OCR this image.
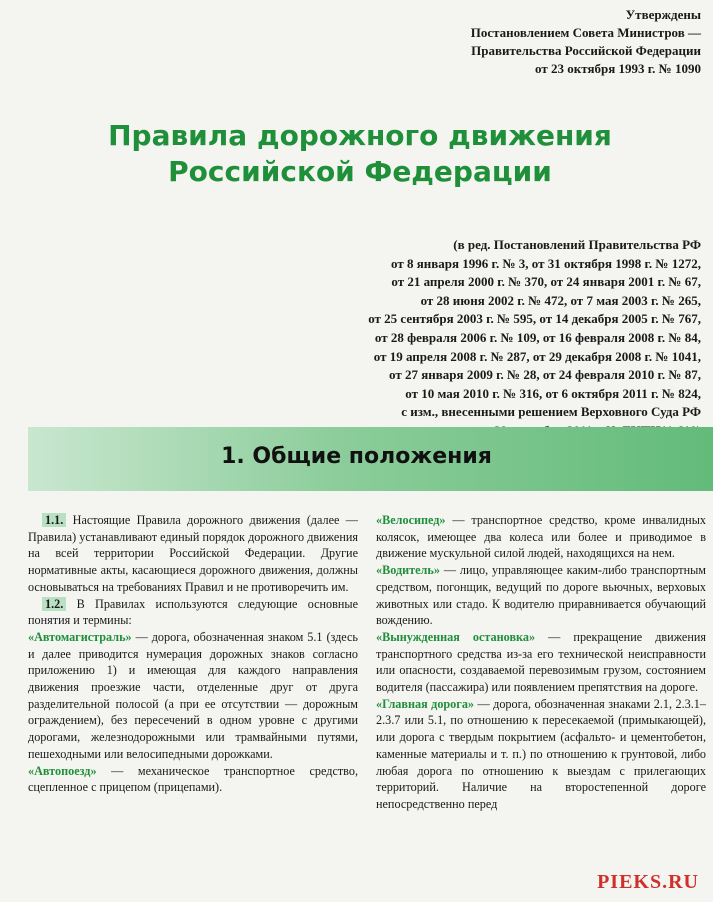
Утверждены
Постановлением Совета Министров —
Правительства Российской Федерации
от 23 октября 1993 г. № 1090
Правила дорожного движения
Российской Федерации
(в ред. Постановлений Правительства РФ
от 8 января 1996 г. № 3, от 31 октября 1998 г. № 1272,
от 21 апреля 2000 г. № 370, от 24 января 2001 г. № 67,
от 28 июня 2002 г. № 472, от 7 мая 2003 г. № 265,
от 25 сентября 2003 г. № 595, от 14 декабря 2005 г. № 767,
от 28 февраля 2006 г. № 109, от 16 февраля 2008 г. № 84,
от 19 апреля 2008 г. № 287, от 29 декабря 2008 г. № 1041,
от 27 января 2009 г. № 28, от 24 февраля 2010 г. № 87,
от 10 мая 2010 г. № 316, от 6 октября 2011 г. № 824,
с изм., внесенными решением Верховного Суда РФ
1. Общие положения

1.1. Настоящие Правила дорожного движения (далее — Правила) устанавливают единый порядок дорожного движения на всей территории Российской Федерации. Другие нормативные акты, касающиеся дорожного движения, должны основываться на требованиях Правил и не противоречить им.

1.2. В Правилах используются следующие основные понятия и термины:

«Автомагистраль» — дорога, обозначенная знаком 5.1 (здесь и далее приводится нумерация дорожных знаков согласно приложению 1) и имеющая для каждого направления движения проезжие части, отделенные друг от друга разделительной полосой (а при ее отсутствии — дорожным ограждением), без пересечений в одном уровне с другими дорогами, железнодорожными или трамвайными путями, пешеходными или велосипедными дорожками.

«Автопоезд» — механическое транспортное средство, сцепленное с прицепом (прицепами).

«Велосипед» — транспортное средство, кроме инвалидных колясок, имеющее два колеса или более и приводимое в движение мускульной силой людей, находящихся на нем.

«Водитель» — лицо, управляющее каким-либо транспортным средством, погонщик, ведущий по дороге вьючных, верховых животных или стадо. К водителю приравнивается обучающий вождению.

«Вынужденная остановка» — прекращение движения транспортного средства из-за его технической неисправности или опасности, создаваемой перевозимым грузом, состоянием водителя (пассажира) или появлением препятствия на дороге.

«Главная дорога» — дорога, обозначенная знаками 2.1, 2.3.1–2.3.7 или 5.1, по отношению к пересекаемой (примыкающей), или дорога с твердым покрытием (асфальто- и цементобетон, каменные материалы и т. п.) по отношению к грунтовой, либо любая дорога по отношению к выездам с прилегающих территорий. Наличие на второстепенной дороге непосредственно перед

PIEKS.RU
